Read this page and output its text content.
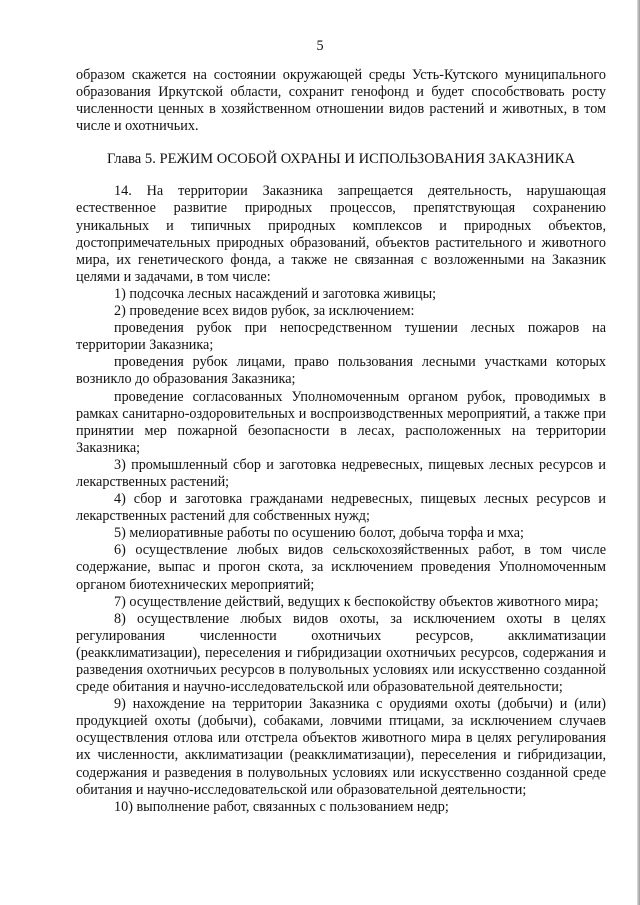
5

образом скажется на состоянии окружающей среды Усть-Кутского муниципального образования Иркутской области, сохранит генофонд и будет способствовать росту численности ценных в хозяйственном отношении видов растений и животных, в том числе и охотничьих.

Глава 5. РЕЖИМ ОСОБОЙ ОХРАНЫ И ИСПОЛЬЗОВАНИЯ ЗАКАЗНИКА

14. На территории Заказника запрещается деятельность, нарушающая естественное развитие природных процессов, препятствующая сохранению уникальных и типичных природных комплексов и природных объектов, достопримечательных природных образований, объектов растительного и животного мира, их генетического фонда, а также не связанная с возложенными на Заказник целями и задачами, в том числе:

1) подсочка лесных насаждений и заготовка живицы;

2) проведение всех видов рубок, за исключением:

проведения рубок при непосредственном тушении лесных пожаров на территории Заказника;

проведения рубок лицами, право пользования лесными участками которых возникло до образования Заказника;

проведение согласованных Уполномоченным органом рубок, проводимых в рамках санитарно-оздоровительных и воспроизводственных мероприятий, а также при принятии мер пожарной безопасности в лесах, расположенных на территории Заказника;

3) промышленный сбор и заготовка недревесных, пищевых лесных ресурсов и лекарственных растений;

4) сбор и заготовка гражданами недревесных, пищевых лесных ресурсов и лекарственных растений для собственных нужд;

5) мелиоративные работы по осушению болот, добыча торфа и мха;

6) осуществление любых видов сельскохозяйственных работ, в том числе содержание, выпас и прогон скота, за исключением проведения Уполномоченным органом биотехнических мероприятий;

7) осуществление действий, ведущих к беспокойству объектов животного мира;

8) осуществление любых видов охоты, за исключением охоты в целях регулирования численности охотничьих ресурсов, акклиматизации (реакклиматизации), переселения и гибридизации охотничьих ресурсов, содержания и разведения охотничьих ресурсов в полувольных условиях или искусственно созданной среде обитания и научно-исследовательской или образовательной деятельности;

9) нахождение на территории Заказника с орудиями охоты (добычи) и (или) продукцией охоты (добычи), собаками, ловчими птицами, за исключением случаев осуществления отлова или отстрела объектов животного мира в целях регулирования их численности, акклиматизации (реакклиматизации), переселения и гибридизации, содержания и разведения в полувольных условиях или искусственно созданной среде обитания и научно-исследовательской или образовательной деятельности;

10) выполнение работ, связанных с пользованием недр;
